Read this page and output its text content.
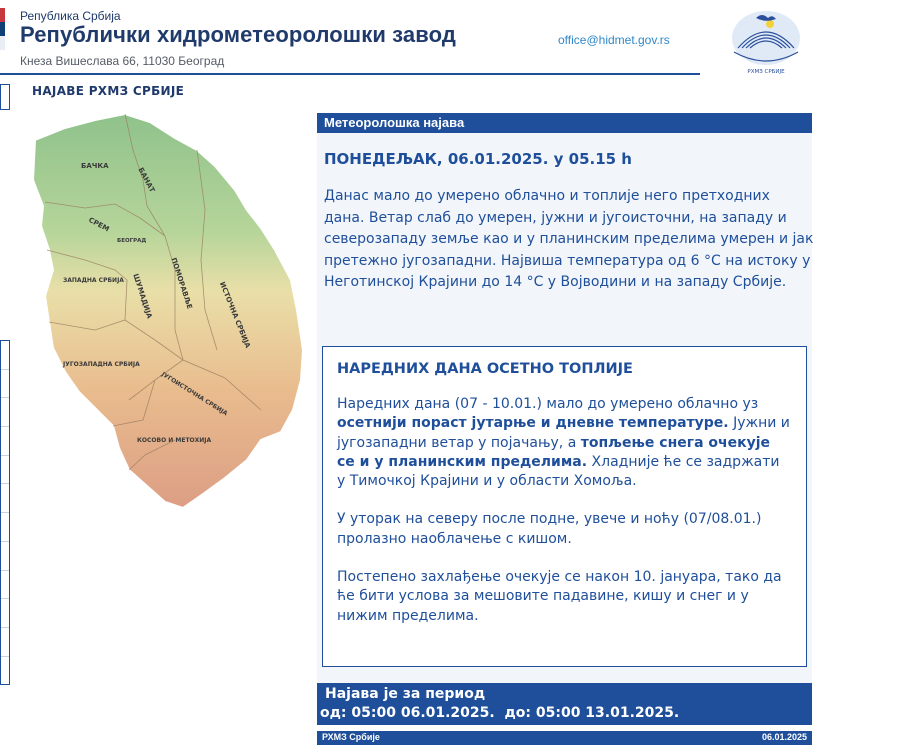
Република Србија
Републички хидрометеоролошки завод
Кнеза Вишеслава 66, 11030 Београд
office@hidmet.gov.rs
РХМЗ СРБИЈЕ
НАЈАВЕ РХМЗ СРБИЈЕ
БАЧКА
БАНАТ
СРЕМ
БЕОГРАД
ЗАПАДНА СРБИЈА ШУМАДИЈА ПОМОРАВЉЕ	ИСТОЧНА СРБИЈА
ЈУГОЗАПАДНА СРБИЈА
ЈУГОИСТОЧНА СРБИЈА
КОСОВО И МЕТОХИЈА
Метеоролошка најава
ПОНЕДЕЉАК, 06.01.2025. у 05.15 h
Данас мало до умерено облачно и топлије него претходних дана. Ветар слаб до умерен, јужни и југоисточни, на западу и северозападу земље као и у планинским пределима умерен и јак претежно југозападни. Највиша температура од 6 °C на истоку у Неготинској Крајини до 14 °C у Војводини и на западу Србије.
НАРЕДНИХ ДАНА ОСЕТНО ТОПЛИЈЕ

Наредних дана (07 - 10.01.) мало до умерено облачно уз осетнији пораст јутарње и дневне температуре. Јужни и југозападни ветар у појачању, а топљење снега очекује се и у планинским пределима. Хладније ће се задржати у Тимочкој Крајини и у области Хомоља.

У уторак на северу после подне, увече и ноћу (07/08.01.) пролазно наоблачење с кишом.

Постепено захлађење очекује се након 10. јануара, тако да ће бити услова за мешовите падавине, кишу и снег и у нижим пределима.

Најава је за период
од: 05:00 06.01.2025.  до: 05:00 13.01.2025.
РХМЗ Србије	06.01.2025
